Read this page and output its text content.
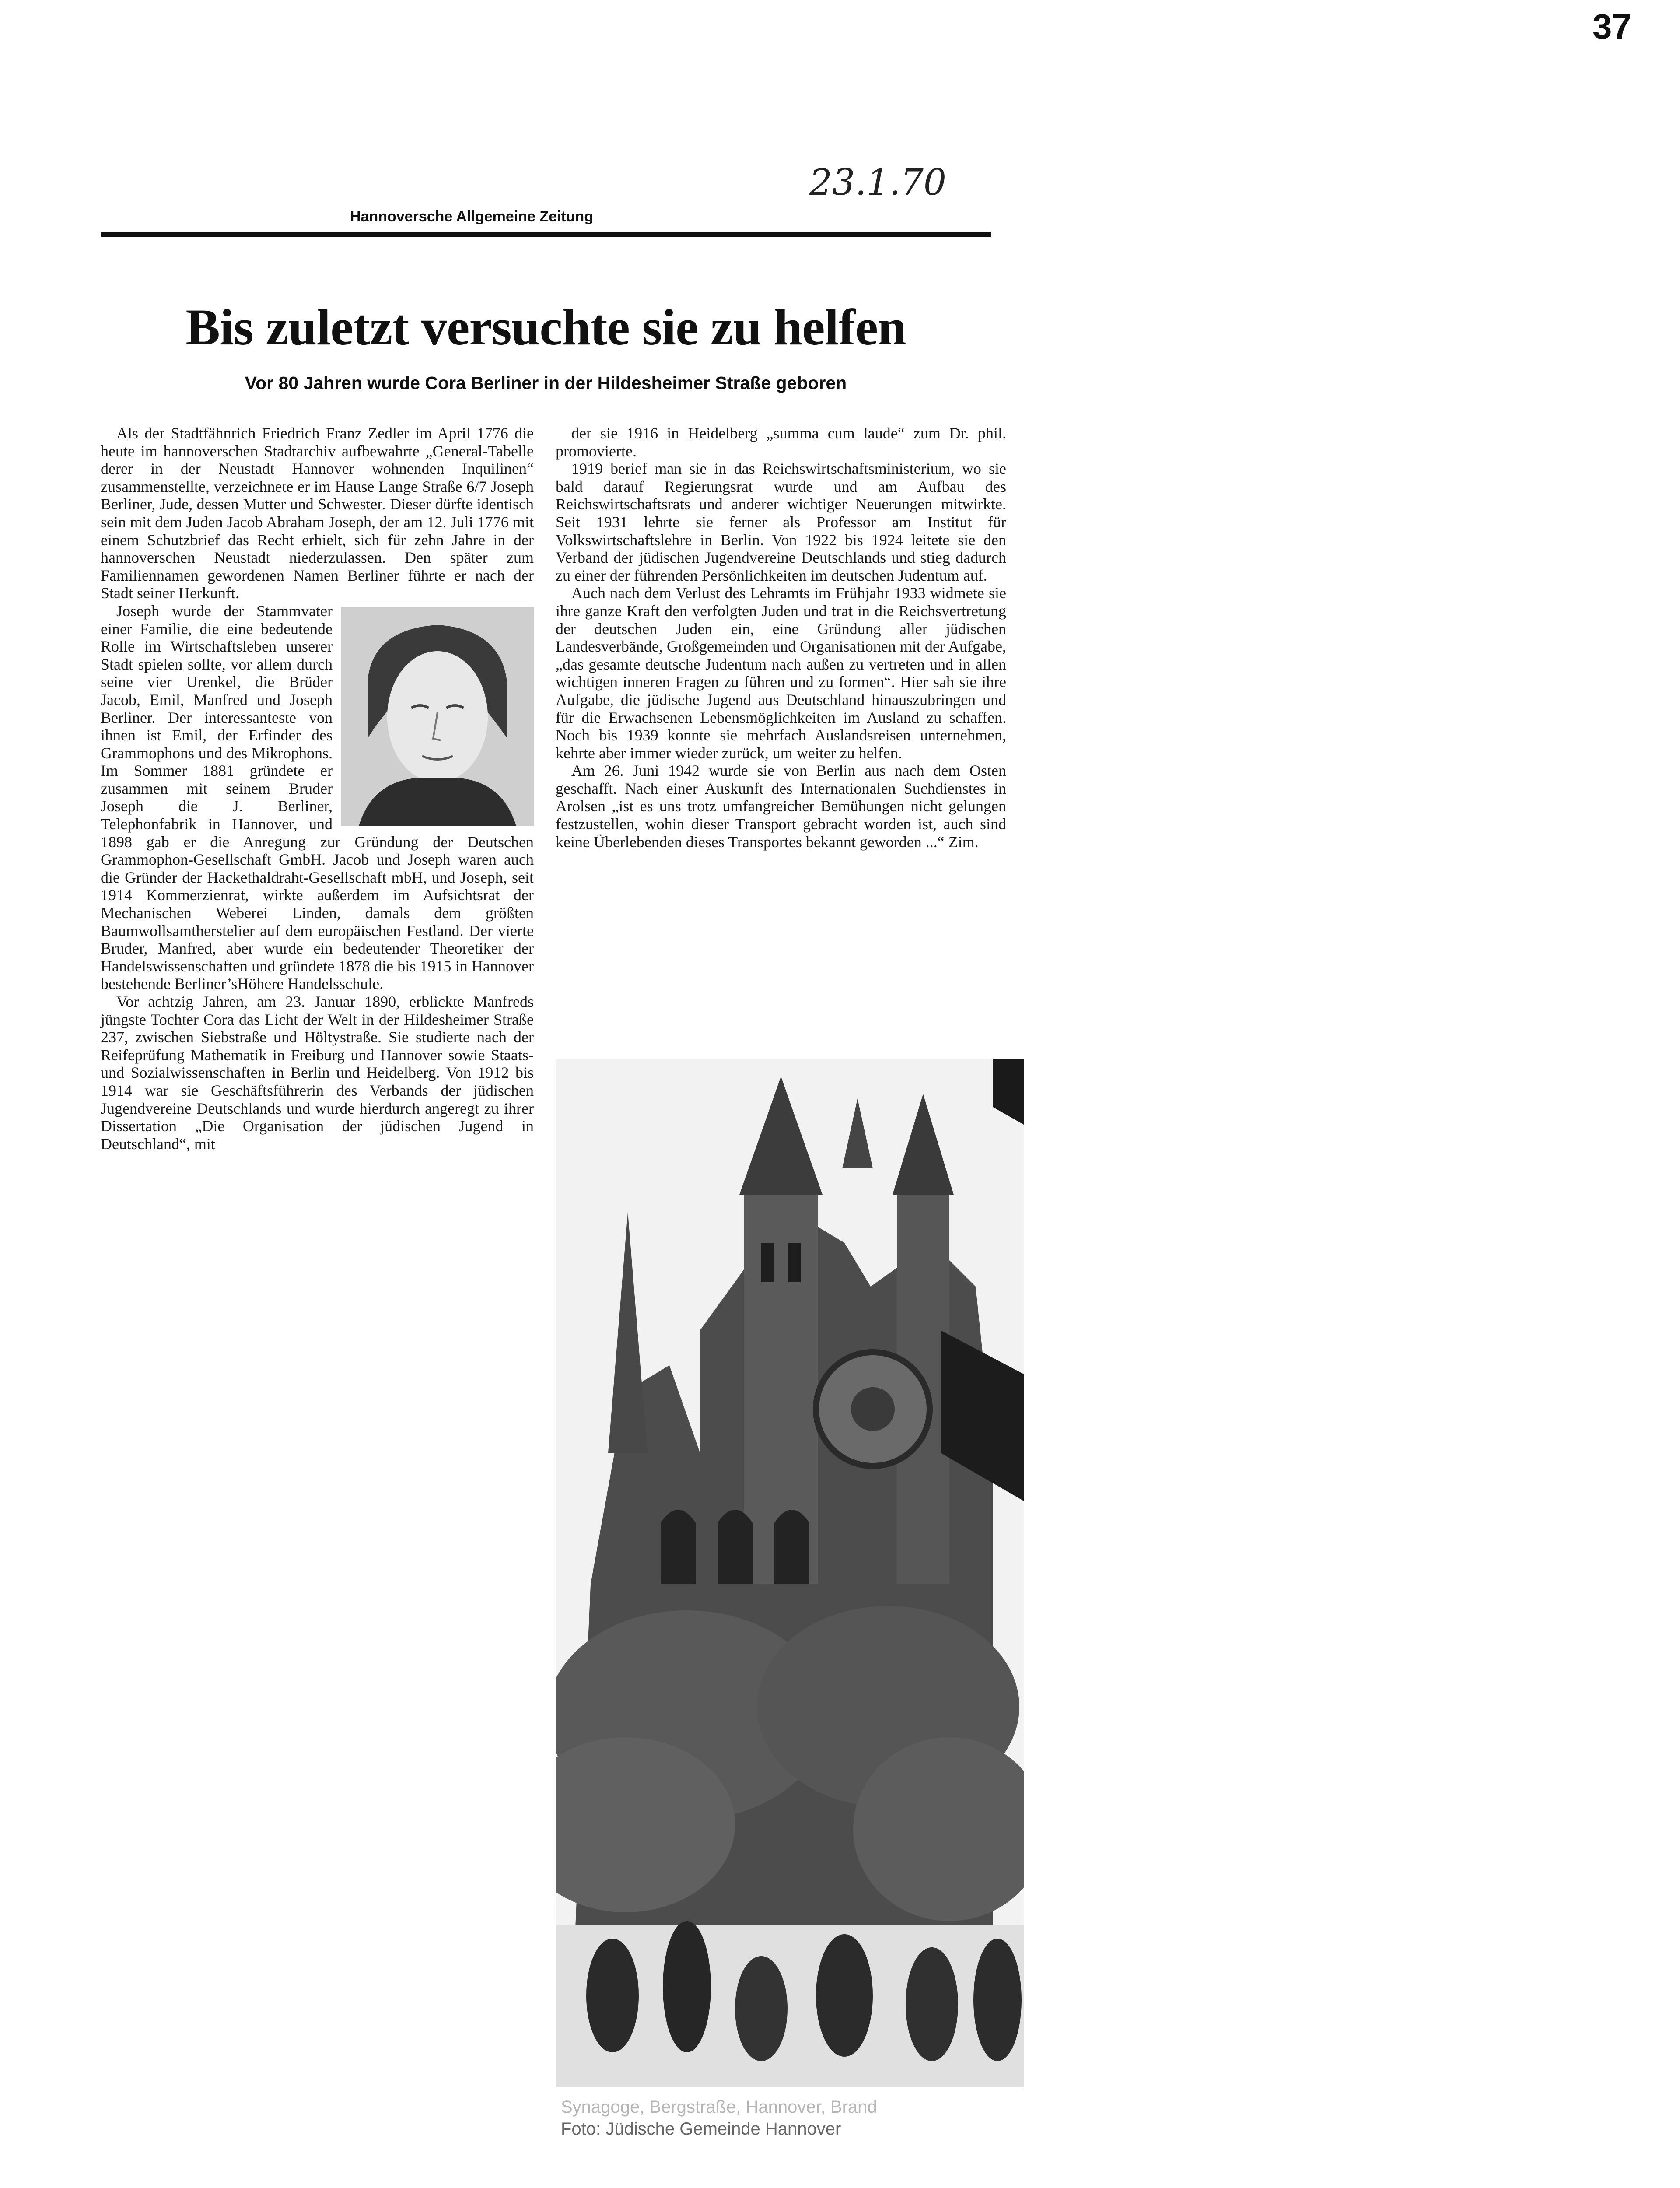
37
23.1.70
Hannoversche Allgemeine Zeitung
Bis zuletzt versuchte sie zu helfen
Vor 80 Jahren wurde Cora Berliner in der Hildesheimer Straße geboren

Als der Stadtfähnrich Friedrich Franz Zedler im April 1776 die heute im hannoverschen Stadtarchiv aufbewahrte „General-Tabelle derer in der Neustadt Hannover wohnenden Inquilinen“ zusammenstellte, verzeichnete er im Hause Lange Straße 6/7 Joseph Berliner, Jude, dessen Mutter und Schwester. Dieser dürfte identisch sein mit dem Juden Jacob Abraham Joseph, der am 12. Juli 1776 mit einem Schutzbrief das Recht erhielt, sich für zehn Jahre in der hannoverschen Neustadt niederzulassen. Den später zum Familiennamen gewordenen Namen Berliner führte er nach der Stadt seiner Herkunft.

Joseph wurde der Stammvater einer Familie, die eine bedeutende Rolle im Wirtschaftsleben unserer Stadt spielen sollte, vor allem durch seine vier Urenkel, die Brüder Jacob, Emil, Manfred und Joseph Berliner. Der interessanteste von ihnen ist Emil, der Erfinder des Grammophons und des Mikrophons. Im Sommer 1881 gründete er zusammen mit seinem Bruder Joseph die J. Berliner, Telephonfabrik in Hannover, und 1898 gab er die Anregung zur Gründung der Deutschen Grammophon-Gesellschaft GmbH. Jacob und Joseph waren auch die Gründer der Hackethaldraht-Gesellschaft mbH, und Joseph, seit 1914 Kommerzienrat, wirkte außerdem im Aufsichtsrat der Mechanischen Weberei Linden, damals dem größten Baumwollsamtherstelier auf dem europäischen Festland. Der vierte Bruder, Manfred, aber wurde ein bedeutender Theoretiker der Handelswissenschaften und gründete 1878 die bis 1915 in Hannover bestehende Berliner’sHöhere Handelsschule.

Vor achtzig Jahren, am 23. Januar 1890, erblickte Manfreds jüngste Tochter Cora das Licht der Welt in der Hildesheimer Straße 237, zwischen Siebstraße und Höltystraße. Sie studierte nach der Reifeprüfung Mathematik in Freiburg und Hannover sowie Staats- und Sozialwissenschaften in Berlin und Heidelberg. Von 1912 bis 1914 war sie Geschäftsführerin des Verbands der jüdischen Jugendvereine Deutschlands und wurde hierdurch angeregt zu ihrer Dissertation „Die Organisation der jüdischen Jugend in Deutschland“, mit

der sie 1916 in Heidelberg „summa cum laude“ zum Dr. phil. promovierte.

1919 berief man sie in das Reichswirtschaftsministerium, wo sie bald darauf Regierungsrat wurde und am Aufbau des Reichswirtschaftsrats und anderer wichtiger Neuerungen mitwirkte. Seit 1931 lehrte sie ferner als Professor am Institut für Volkswirtschaftslehre in Berlin. Von 1922 bis 1924 leitete sie den Verband der jüdischen Jugendvereine Deutschlands und stieg dadurch zu einer der führenden Persönlichkeiten im deutschen Judentum auf.

Auch nach dem Verlust des Lehramts im Frühjahr 1933 widmete sie ihre ganze Kraft den verfolgten Juden und trat in die Reichsvertretung der deutschen Juden ein, eine Gründung aller jüdischen Landesverbände, Großgemeinden und Organisationen mit der Aufgabe, „das gesamte deutsche Judentum nach außen zu vertreten und in allen wichtigen inneren Fragen zu führen und zu formen“. Hier sah sie ihre Aufgabe, die jüdische Jugend aus Deutschland hinauszubringen und für die Erwachsenen Lebensmöglichkeiten im Ausland zu schaffen. Noch bis 1939 konnte sie mehrfach Auslandsreisen unternehmen, kehrte aber immer wieder zurück, um weiter zu helfen.

Am 26. Juni 1942 wurde sie von Berlin aus nach dem Osten geschafft. Nach einer Auskunft des Internationalen Suchdienstes in Arolsen „ist es uns trotz umfangreicher Bemühungen nicht gelungen festzustellen, wohin dieser Transport gebracht worden ist, auch sind keine Überlebenden dieses Transportes bekannt geworden ...“ Zim.

Synagoge, Bergstraße, Hannover, Brand
Foto: Jüdische Gemeinde Hannover
